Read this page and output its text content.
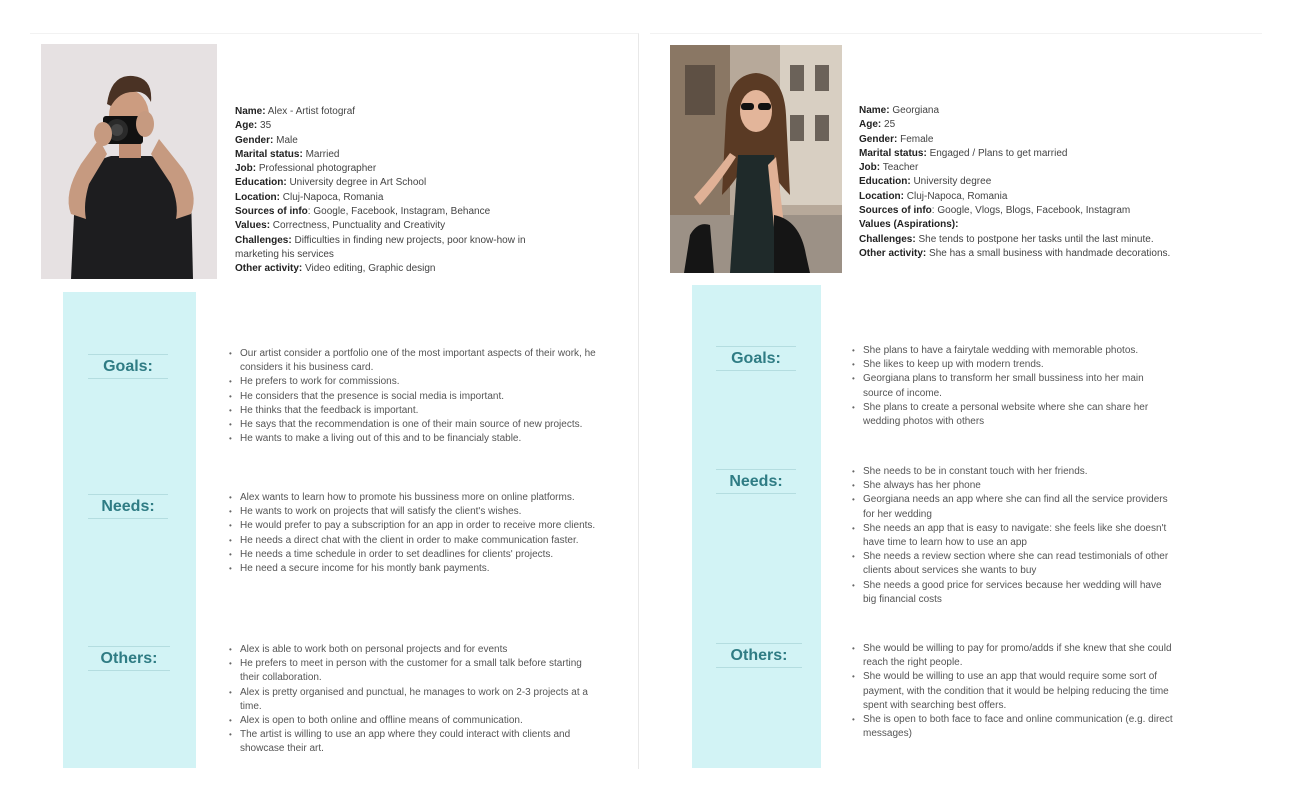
Name: Alex - Artist fotograf
Age: 35
Gender: Male
Marital status: Married
Job: Professional photographer
Education: University degree in Art School
Location: Cluj-Napoca, Romania
Sources of info: Google, Facebook, Instagram, Behance
Values: Correctness, Punctuality and Creativity
Challenges: Difficulties in finding new projects, poor know-how in marketing his services
Other activity: Video editing, Graphic design
Name: Georgiana
Age: 25
Gender: Female
Marital status: Engaged / Plans to get married
Job: Teacher
Education: University degree
Location: Cluj-Napoca, Romania
Sources of info: Google, Vlogs, Blogs, Facebook, Instagram
Values (Aspirations):
Challenges: She tends to postpone her tasks until the last minute.
Other activity: She has a small business with handmade decorations.
Goals:
Needs:
Others:
Goals:
Needs:
Others:
• Our artist consider a portfolio one of the most important aspects of their work, he considers it his business card.
• He prefers to work for commissions.
• He considers that the presence is social media is important.
• He thinks that the feedback is important.
• He says that the recommendation is one of their main source of new projects.
• He wants to make a living out of this and to be financialy stable.
• Alex wants to learn how to promote his bussiness more on online platforms.
• He wants to work on projects that will satisfy the client's wishes.
• He would prefer to pay a subscription for an app in order to receive more clients.
• He needs a direct chat with the client in order to make communication faster.
• He needs a time schedule in order to set deadlines for clients' projects.
• He need a secure income for his montly bank payments.
• Alex is able to work both on personal projects and for events
• He prefers to meet in person with the customer for a small talk before starting their collaboration.
• Alex is pretty organised and punctual, he manages to work on 2-3 projects at a time.
• Alex is open to both online and offline means of communication.
• The artist is willing to use an app where they could interact with clients and showcase their art.
• She plans to have a fairytale wedding with memorable photos.
• She likes to keep up with modern trends.
• Georgiana plans to transform her small bussiness into her main source of income.
• She plans to create a personal website where she can share her wedding photos with others
• She needs to be in constant touch with her friends.
• She always has her phone
• Georgiana needs an app where she can find all the service providers for her wedding
• She needs an app that is easy to navigate: she feels like she doesn't have time to learn how to use an app
• She needs a review section where she can read testimonials of other clients about services she wants to buy
• She needs a good price for services because her wedding will have big financial costs
• She would be willing to pay for promo/adds if she knew that she could reach the right people.
• She would be willing to use an app that would require some sort of payment, with the condition that it would be helping reducing the time spent with searching best offers.
• She is open to both face to face and online communication (e.g. direct messages)
